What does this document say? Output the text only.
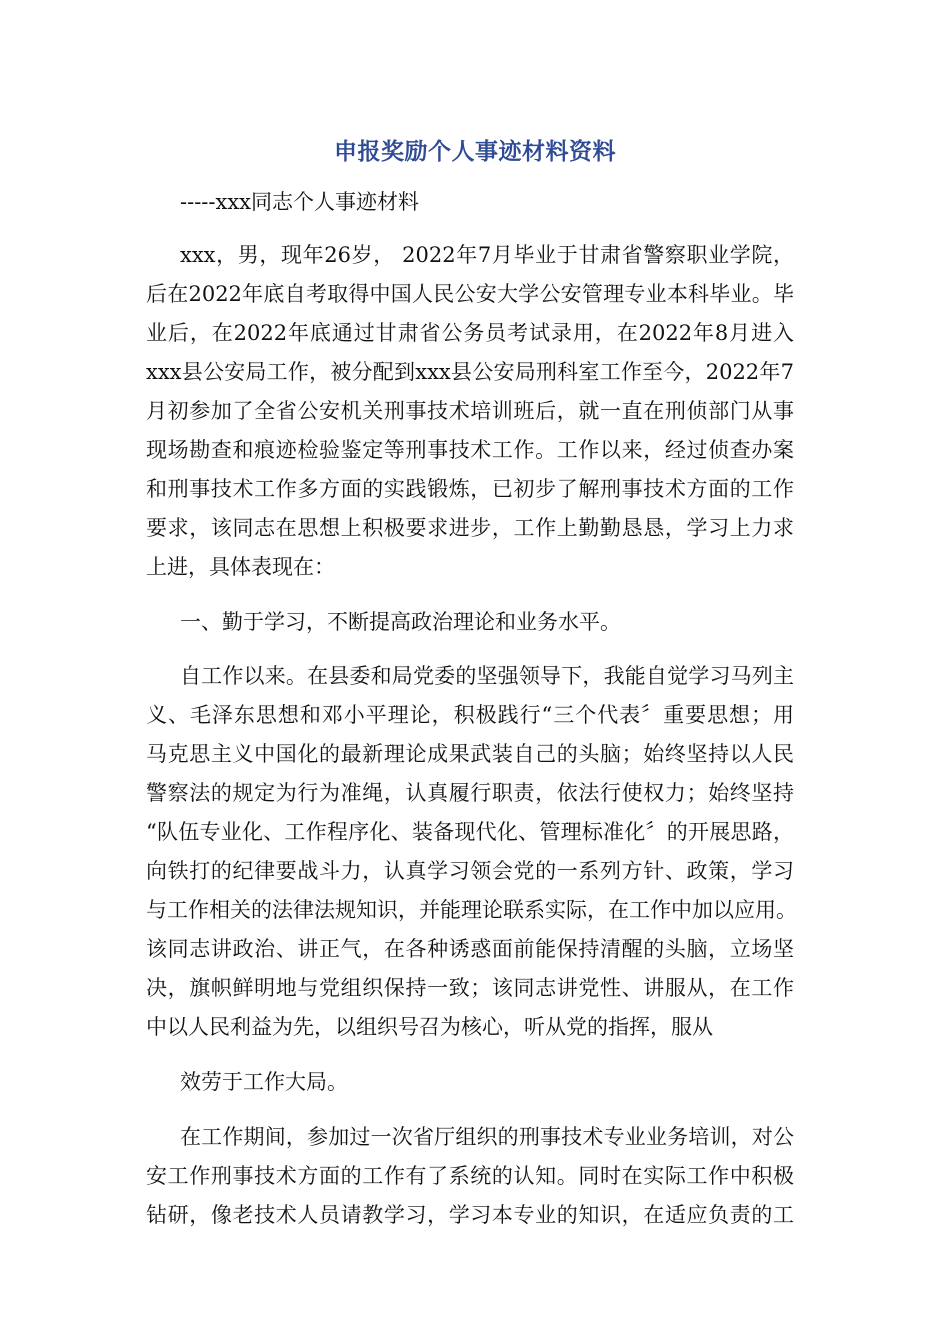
申报奖励个人事迹材料资料
-----xxx同志个人事迹材料
xxx，男，现年26岁， 2022年7月毕业于甘肃省警察职业学院，
后在2022年底自考取得中国人民公安大学公安管理专业本科毕业。毕
业后，在2022年底通过甘肃省公务员考试录用，在2022年8月进入
xxx县公安局工作，被分配到xxx县公安局刑科室工作至今，2022年7
月初参加了全省公安机关刑事技术培训班后，就一直在刑侦部门从事
现场勘查和痕迹检验鉴定等刑事技术工作。工作以来，经过侦查办案
和刑事技术工作多方面的实践锻炼，已初步了解刑事技术方面的工作
要求，该同志在思想上积极要求进步，工作上勤勤恳恳，学习上力求
上进，具体表现在：
一、勤于学习，不断提高政治理论和业务水平。
自工作以来。在县委和局党委的坚强领导下，我能自觉学习马列主
义、毛泽东思想和邓小平理论，积极践行“三个代表〞重要思想；用
马克思主义中国化的最新理论成果武装自己的头脑；始终坚持以人民
警察法的规定为行为准绳，认真履行职责，依法行使权力；始终坚持
“队伍专业化、工作程序化、装备现代化、管理标准化〞的开展思路，
向铁打的纪律要战斗力，认真学习领会党的一系列方针、政策，学习
与工作相关的法律法规知识，并能理论联系实际，在工作中加以应用。
该同志讲政治、讲正气，在各种诱惑面前能保持清醒的头脑，立场坚
决，旗帜鲜明地与党组织保持一致；该同志讲党性、讲服从，在工作
中以人民利益为先，以组织号召为核心，听从党的指挥，服从
效劳于工作大局。
在工作期间，参加过一次省厅组织的刑事技术专业业务培训，对公
安工作刑事技术方面的工作有了系统的认知。同时在实际工作中积极
钻研，像老技术人员请教学习，学习本专业的知识，在适应负责的工
